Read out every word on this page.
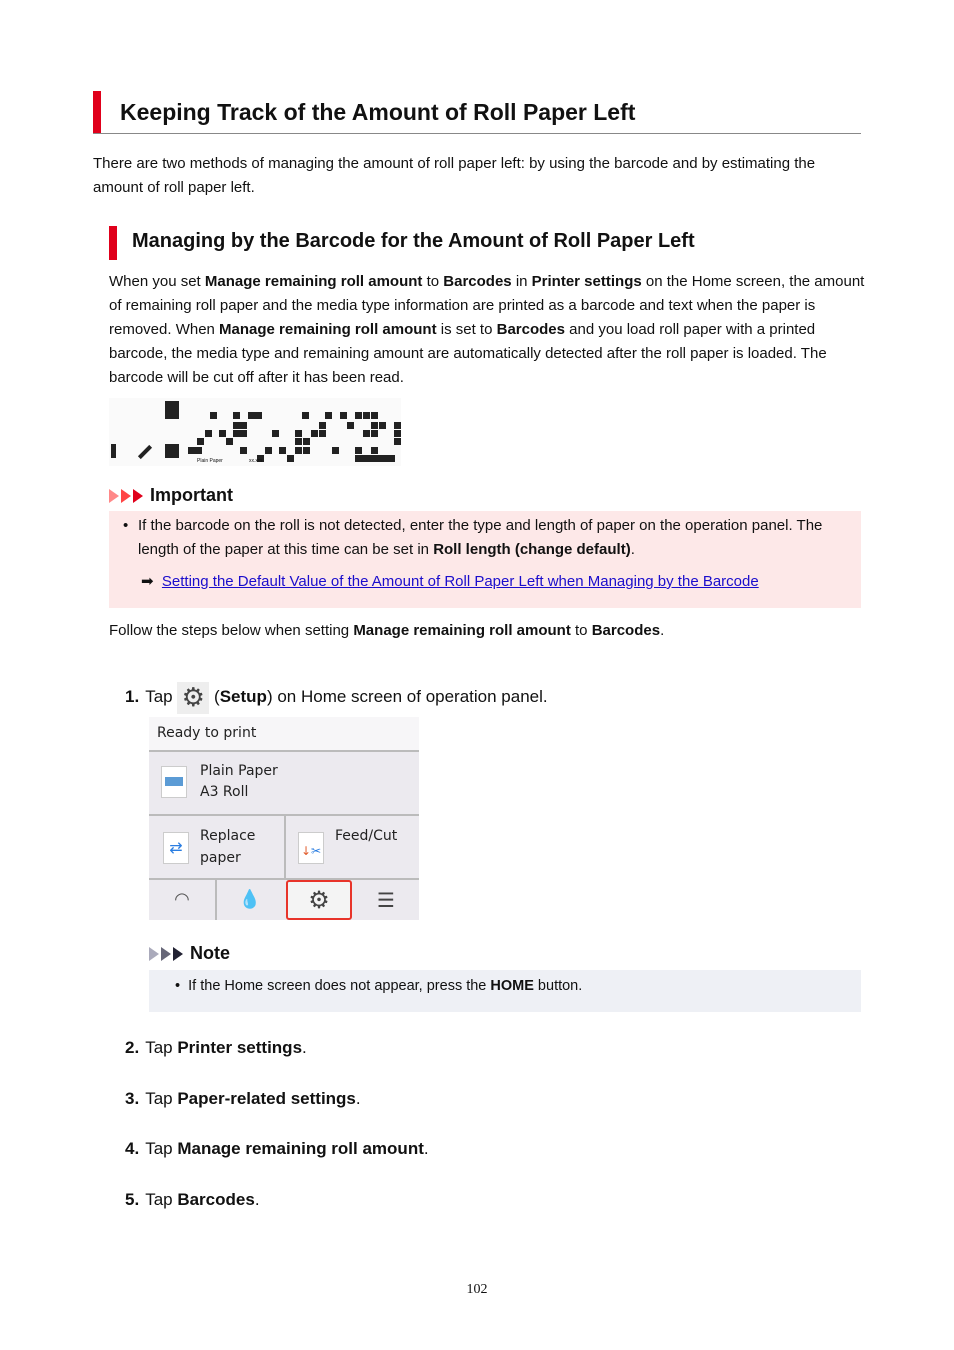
Keeping Track of the Amount of Roll Paper Left
There are two methods of managing the amount of roll paper left: by using the barcode and by estimating the amount of roll paper left.
Managing by the Barcode for the Amount of Roll Paper Left
When you set Manage remaining roll amount to Barcodes in Printer settings on the Home screen, the amount of remaining roll paper and the media type information are printed as a barcode and text when the paper is removed. When Manage remaining roll amount is set to Barcodes and you load roll paper with a printed barcode, the media type and remaining amount are automatically detected after the roll paper is loaded. The barcode will be cut off after it has been read.
Plain Paper	xx.xm
Important
• If the barcode on the roll is not detected, enter the type and length of paper on the operation panel. The length of the paper at this time can be set in Roll length (change default).
➡ Setting the Default Value of the Amount of Roll Paper Left when Managing by the Barcode
Follow the steps below when setting Manage remaining roll amount to Barcodes.
1. Tap ⚙ (Setup) on Home screen of operation panel.
Ready to print
Plain Paper
A3 Roll
⇄
Replace
paper	↓✂
Feed/Cut
◠	💧	⚙	☰
Note
•  If the Home screen does not appear, press the HOME button.
2. Tap Printer settings.
3. Tap Paper-related settings.
4. Tap Manage remaining roll amount.
5. Tap Barcodes.
102
